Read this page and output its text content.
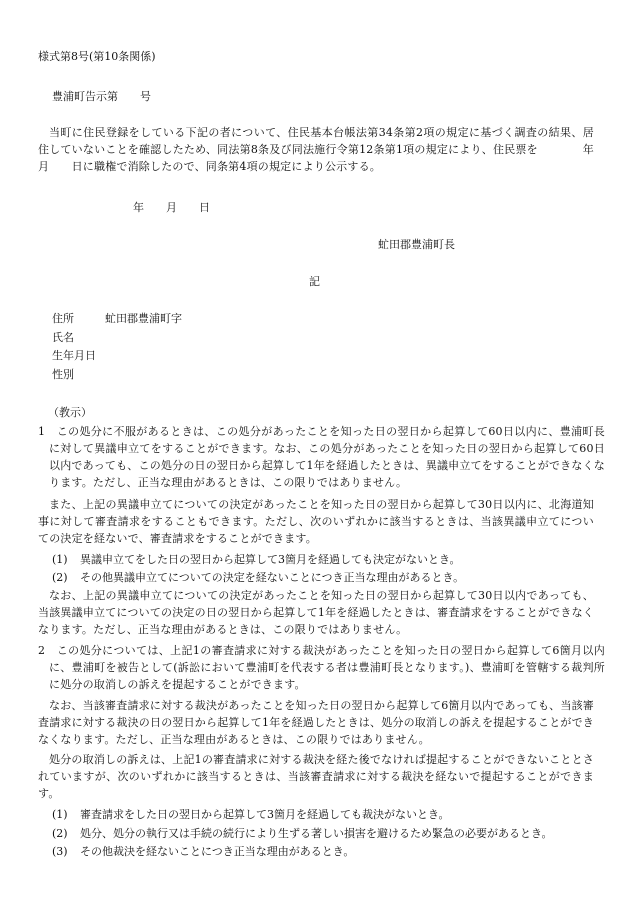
様式第8号(第10条関係)
豊浦町告示第　　号
当町に住民登録をしている下記の者について、住民基本台帳法第34条第2項の規定に基づく調査の結果、居住していないことを確認したため、同法第8条及び同法施行令第12条第1項の規定により、住民票を　　　　年　　月　　日に職権で消除したので、同条第4項の規定により公示する。
年　　月　　日
虻田郡豊浦町長
記
住所	虻田郡豊浦町字
氏名
生年月日
性別
（教示）
1　この処分に不服があるときは、この処分があったことを知った日の翌日から起算して60日以内に、豊浦町長に対して異議申立てをすることができます。なお、この処分があったことを知った日の翌日から起算して60日以内であっても、この処分の日の翌日から起算して1年を経過したときは、異議申立てをすることができなくなります。ただし、正当な理由があるときは、この限りではありません。
また、上記の異議申立てについての決定があったことを知った日の翌日から起算して30日以内に、北海道知事に対して審査請求をすることもできます。ただし、次のいずれかに該当するときは、当該異議申立てについての決定を経ないで、審査請求をすることができます。
(1) 異議申立てをした日の翌日から起算して3箇月を経過しても決定がないとき。
(2) その他異議申立てについての決定を経ないことにつき正当な理由があるとき。
なお、上記の異議申立てについての決定があったことを知った日の翌日から起算して30日以内であっても、当該異議申立てについての決定の日の翌日から起算して1年を経過したときは、審査請求をすることができなくなります。ただし、正当な理由があるときは、この限りではありません。
2　この処分については、上記1の審査請求に対する裁決があったことを知った日の翌日から起算して6箇月以内に、豊浦町を被告として(訴訟において豊浦町を代表する者は豊浦町長となります。)、豊浦町を管轄する裁判所に処分の取消しの訴えを提起することができます。
なお、当該審査請求に対する裁決があったことを知った日の翌日から起算して6箇月以内であっても、当該審査請求に対する裁決の日の翌日から起算して1年を経過したときは、処分の取消しの訴えを提起することができなくなります。ただし、正当な理由があるときは、この限りではありません。
処分の取消しの訴えは、上記1の審査請求に対する裁決を経た後でなければ提起することができないこととされていますが、次のいずれかに該当するときは、当該審査請求に対する裁決を経ないで提起することができます。
(1) 審査請求をした日の翌日から起算して3箇月を経過しても裁決がないとき。
(2) 処分、処分の執行又は手続の続行により生ずる著しい損害を避けるため緊急の必要があるとき。
(3) その他裁決を経ないことにつき正当な理由があるとき。
